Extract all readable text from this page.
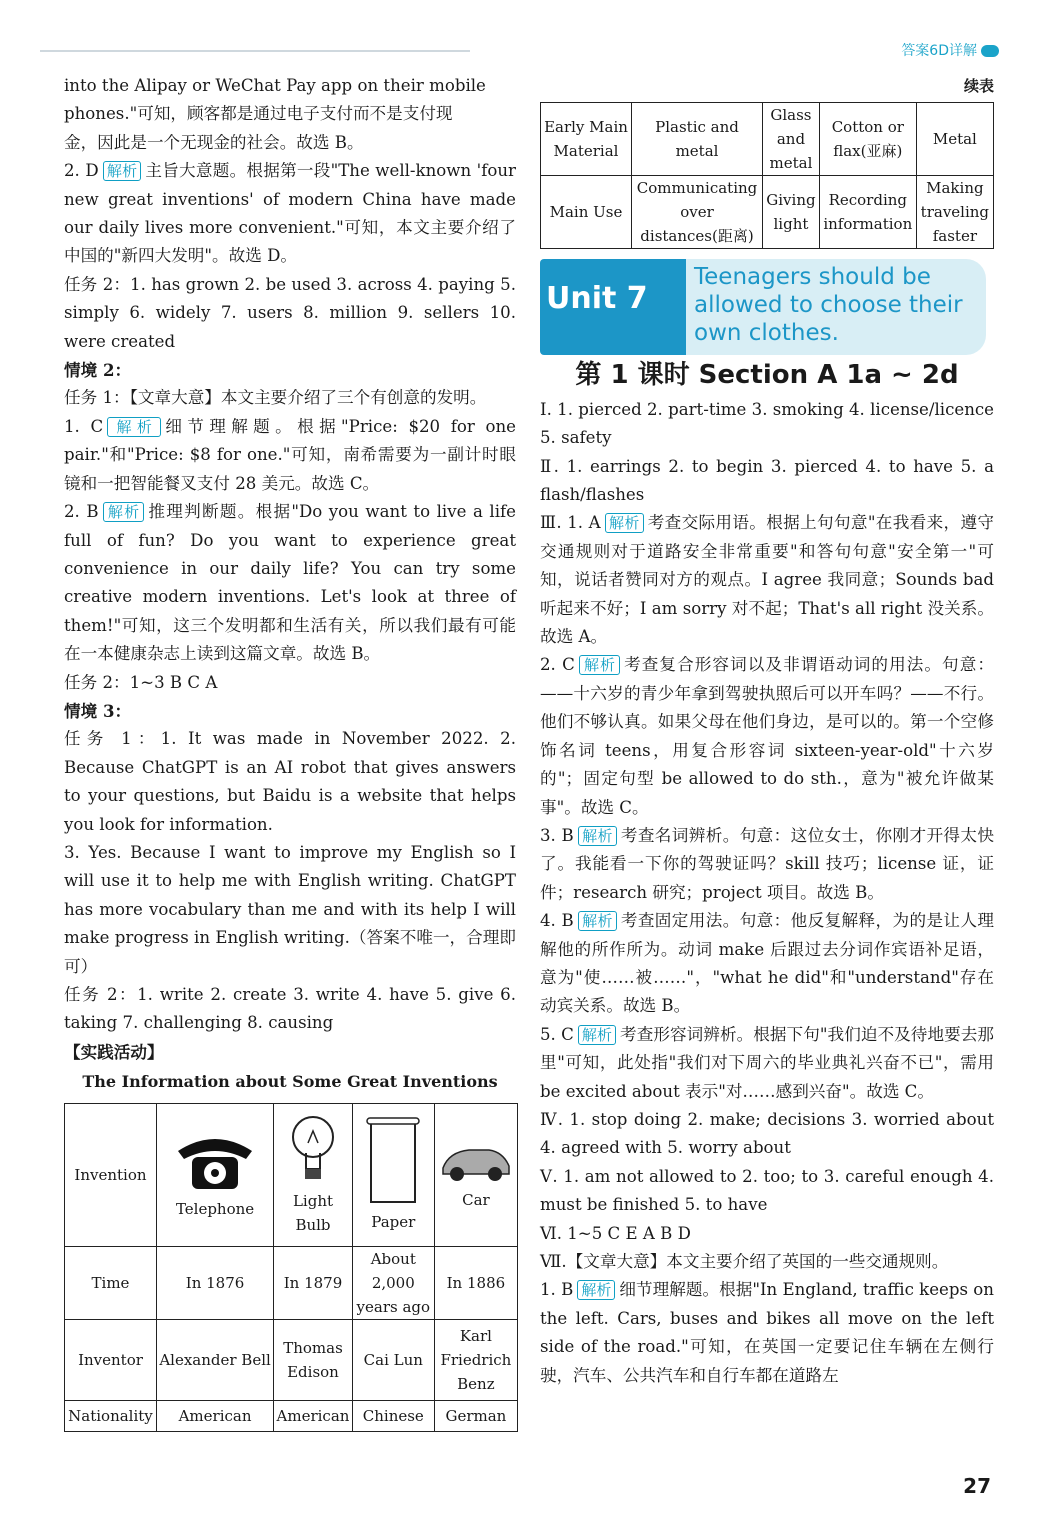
答案6D详解

into the Alipay or WeChat Pay app on their mobile

phones."可知，顾客都是通过电子支付而不是支付现

金，因此是一个无现金的社会。故选 B。

2. D 解析 主旨大意题。根据第一段"The well-known 'four new great inventions' of modern China have made our daily lives more convenient."可知，本文主要介绍了中国的"新四大发明"。故选 D。

任务 2：1. has grown 2. be used 3. across 4. paying 5. simply 6. widely 7. users 8. million 9. sellers 10. were created

情境 2：

任务 1：【文章大意】本文主要介绍了三个有创意的发明。

1. C 解析 细节理解题。根据"Price: $20 for one pair."和"Price: $8 for one."可知，南希需要为一副计时眼镜和一把智能餐叉支付 28 美元。故选 C。

2. B 解析 推理判断题。根据"Do you want to live a life full of fun? Do you want to experience great convenience in our daily life? You can try some creative modern inventions. Let's look at three of them!"可知，这三个发明都和生活有关，所以我们最有可能在一本健康杂志上读到这篇文章。故选 B。

任务 2：1~3 B C A

情境 3：

任务 1：1. It was made in November 2022. 2. Because ChatGPT is an AI robot that gives answers to your questions, but Baidu is a website that helps you look for information.

3. Yes. Because I want to improve my English so I will use it to help me with English writing. ChatGPT has more vocabulary than me and with its help I will make progress in English writing.（答案不唯一，合理即可）

任务 2：1. write 2. create 3. write 4. have 5. give 6. taking 7. challenging 8. causing

【实践活动】

The Information about Some Great Inventions

Invention	Telephone	Light Bulb	Paper	Car
Time	In 1876	In 1879	About 2,000 years ago	In 1886
Inventor	Alexander Bell	Thomas Edison	Cai Lun	Karl Friedrich Benz
Nationality	American	American	Chinese	German

续表

Early Main Material	Plastic and metal	Glass and metal	Cotton or flax(亚麻)	Metal
Main Use	Communicating over distances(距离)	Giving light	Recording information	Making traveling faster
Unit 7
Teenagers should be allowed to choose their own clothes.

第 1 课时 Section A 1a ~ 2d

Ⅰ. 1. pierced 2. part-time 3. smoking 4. license/licence 5. safety

Ⅱ. 1. earrings 2. to begin 3. pierced 4. to have 5. a flash/flashes

Ⅲ. 1. A 解析 考查交际用语。根据上句句意"在我看来，遵守交通规则对于道路安全非常重要"和答句句意"安全第一"可知，说话者赞同对方的观点。I agree 我同意；Sounds bad 听起来不好；I am sorry 对不起；That's all right 没关系。故选 A。

2. C 解析 考查复合形容词以及非谓语动词的用法。句意：——十六岁的青少年拿到驾驶执照后可以开车吗？——不行。他们不够认真。如果父母在他们身边，是可以的。第一个空修饰名词 teens，用复合形容词 sixteen-year-old"十六岁的"；固定句型 be allowed to do sth.，意为"被允许做某事"。故选 C。

3. B 解析 考查名词辨析。句意：这位女士，你刚才开得太快了。我能看一下你的驾驶证吗？skill 技巧；license 证，证件；research 研究；project 项目。故选 B。

4. B 解析 考查固定用法。句意：他反复解释，为的是让人理解他的所作所为。动词 make 后跟过去分词作宾语补足语，意为"使……被……"，"what he did"和"understand"存在动宾关系。故选 B。

5. C 解析 考查形容词辨析。根据下句"我们迫不及待地要去那里"可知，此处指"我们对下周六的毕业典礼兴奋不已"，需用 be excited about 表示"对……感到兴奋"。故选 C。

Ⅳ. 1. stop doing 2. make; decisions 3. worried about 4. agreed with 5. worry about

Ⅴ. 1. am not allowed to 2. too; to 3. careful enough 4. must be finished 5. to have

Ⅵ. 1~5 C E A B D

Ⅶ.【文章大意】本文主要介绍了英国的一些交通规则。

1. B 解析 细节理解题。根据"In England, traffic keeps on the left. Cars, buses and bikes all move on the left side of the road."可知，在英国一定要记住车辆在左侧行驶，汽车、公共汽车和自行车都在道路左

27
